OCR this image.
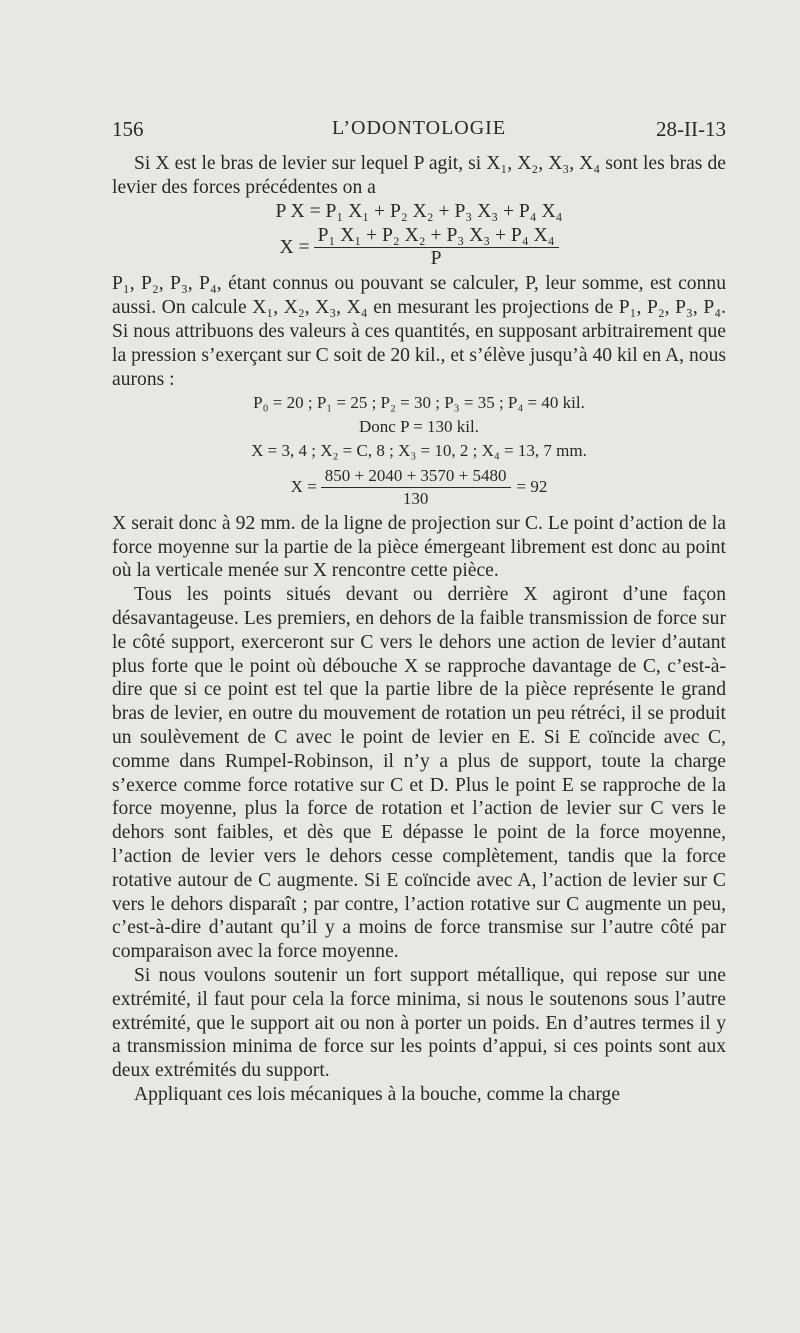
156	L’ODONTOLOGIE	28-II-13

Si X est le bras de levier sur lequel P agit, si X₁, X₂, X₃, X₄ sont les bras de levier des forces précédentes on a

P X = P₁ X₁ + P₂ X₂ + P₃ X₃ + P₄ X₄

$X = \frac{\text{P₁ X₁ + P₂ X₂ + P₃ X₃ + P₄ X₄}}{P}$

P₁, P₂, P₃, P₄, étant connus ou pouvant se calculer, P, leur somme, est connu aussi. On calcule X₁, X₂, X₃, X₄ en mesurant les projections de P₁, P₂, P₃, P₄. Si nous attribuons des valeurs à ces quantités, en supposant arbitrairement que la pression s’exerçant sur C soit de 20 kil., et s’élève jusqu’à 40 kil en A, nous aurons :

P₀ = 20 ; P₁ = 25 ; P₂ = 30 ; P₃ = 35 ; P₄ = 40 kil.

Donc P = 130 kil.

X = 3, 4 ; X₂ = C, 8 ; X₃ = 10, 2 ; X₄ = 13, 7 mm.

$X = \frac{850 + 2040 + 3570 + 5480}{130} = 92$

X serait donc à 92 mm. de la ligne de projection sur C. Le point d’action de la force moyenne sur la partie de la pièce émergeant librement est donc au point où la verticale menée sur X rencontre cette pièce.

Tous les points situés devant ou derrière X agiront d’une façon désavantageuse. Les premiers, en dehors de la faible transmission de force sur le côté support, exerceront sur C vers le dehors une action de levier d’autant plus forte que le point où débouche X se rapproche davantage de C, c’est-à-dire que si ce point est tel que la partie libre de la pièce représente le grand bras de levier, en outre du mouvement de rotation un peu rétréci, il se produit un soulèvement de C avec le point de levier en E. Si E coïncide avec C, comme dans Rumpel-Robinson, il n’y a plus de support, toute la charge s’exerce comme force rotative sur C et D. Plus le point E se rapproche de la force moyenne, plus la force de rotation et l’action de levier sur C vers le dehors sont faibles, et dès que E dépasse le point de la force moyenne, l’action de levier vers le dehors cesse complètement, tandis que la force rotative autour de C augmente. Si E coïncide avec A, l’action de levier sur C vers le dehors disparaît ; par contre, l’action rotative sur C augmente un peu, c’est-à-dire d’autant qu’il y a moins de force transmise sur l’autre côté par comparaison avec la force moyenne.

Si nous voulons soutenir un fort support métallique, qui repose sur une extrémité, il faut pour cela la force minima, si nous le soutenons sous l’autre extrémité, que le support ait ou non à porter un poids. En d’autres termes il y a transmission minima de force sur les points d’appui, si ces points sont aux deux extrémités du support.

Appliquant ces lois mécaniques à la bouche, comme la charge
